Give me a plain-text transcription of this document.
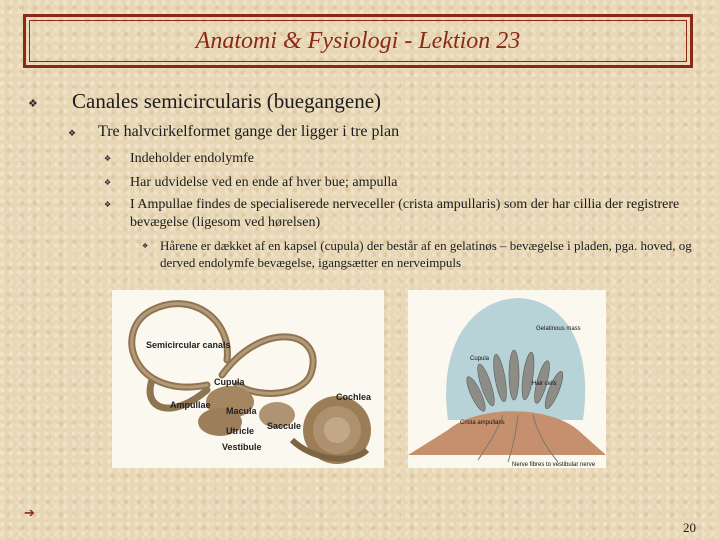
Anatomi & Fysiologi - Lektion 23
❖ Canales semicircularis (buegangene)
❖ Tre halvcirkelformet gange der ligger i tre plan
❖ Indeholder endolymfe
❖ Har udvidelse ved en ende af hver bue; ampulla
❖ I Ampullae findes de specialiserede nerveceller (crista ampullaris) som der har cillia der registrere bevægelse (ligesom ved hørelsen)
❖ Hårene er dækket af en kapsel (cupula) der består af en gelatinøs – bevægelse i pladen, pga. hoved, og derved endolymfe bevægelse, igangsætter en nerveimpuls
Semicircular canals
Cupula
Ampullae
Macula
Utricle
Vestibule
Saccule
Cochlea
Gelatinous mass
Cupula
Hair cells
Crista ampullaris
Nerve fibres to vestibular nerve
➔
20
